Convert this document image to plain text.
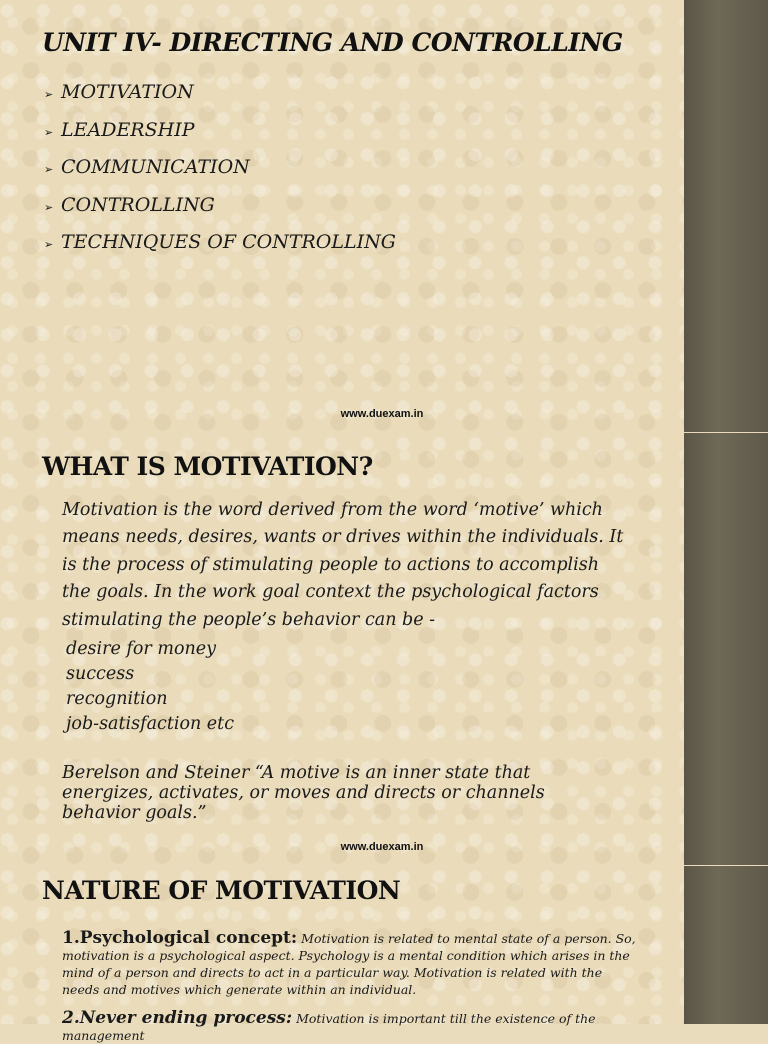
UNIT IV- DIRECTING AND CONTROLLING
➢ MOTIVATION
➢ LEADERSHIP
➢ COMMUNICATION
➢ CONTROLLING
➢ TECHNIQUES OF CONTROLLING
www.duexam.in
WHAT IS MOTIVATION?

Motivation is the word derived from the word ‘motive’ which means needs, desires, wants or drives within the individuals. It is the process of stimulating people to actions to accomplish the goals. In the work goal context the psychological factors stimulating the people’s behavior can be -

desire for money
success
recognition
job-satisfaction etc

Berelson and Steiner “A motive is an inner state that energizes, activates, or moves and directs or channels behavior goals.”

www.duexam.in
NATURE OF MOTIVATION

1.Psychological concept: Motivation is related to mental state of a person. So, motivation is a psychological aspect. Psychology is a mental condition which arises in the mind of a person and directs to act in a particular way. Motivation is related with the needs and motives which generate within an individual.

2.Never ending process: Motivation is important till the existence of the management
